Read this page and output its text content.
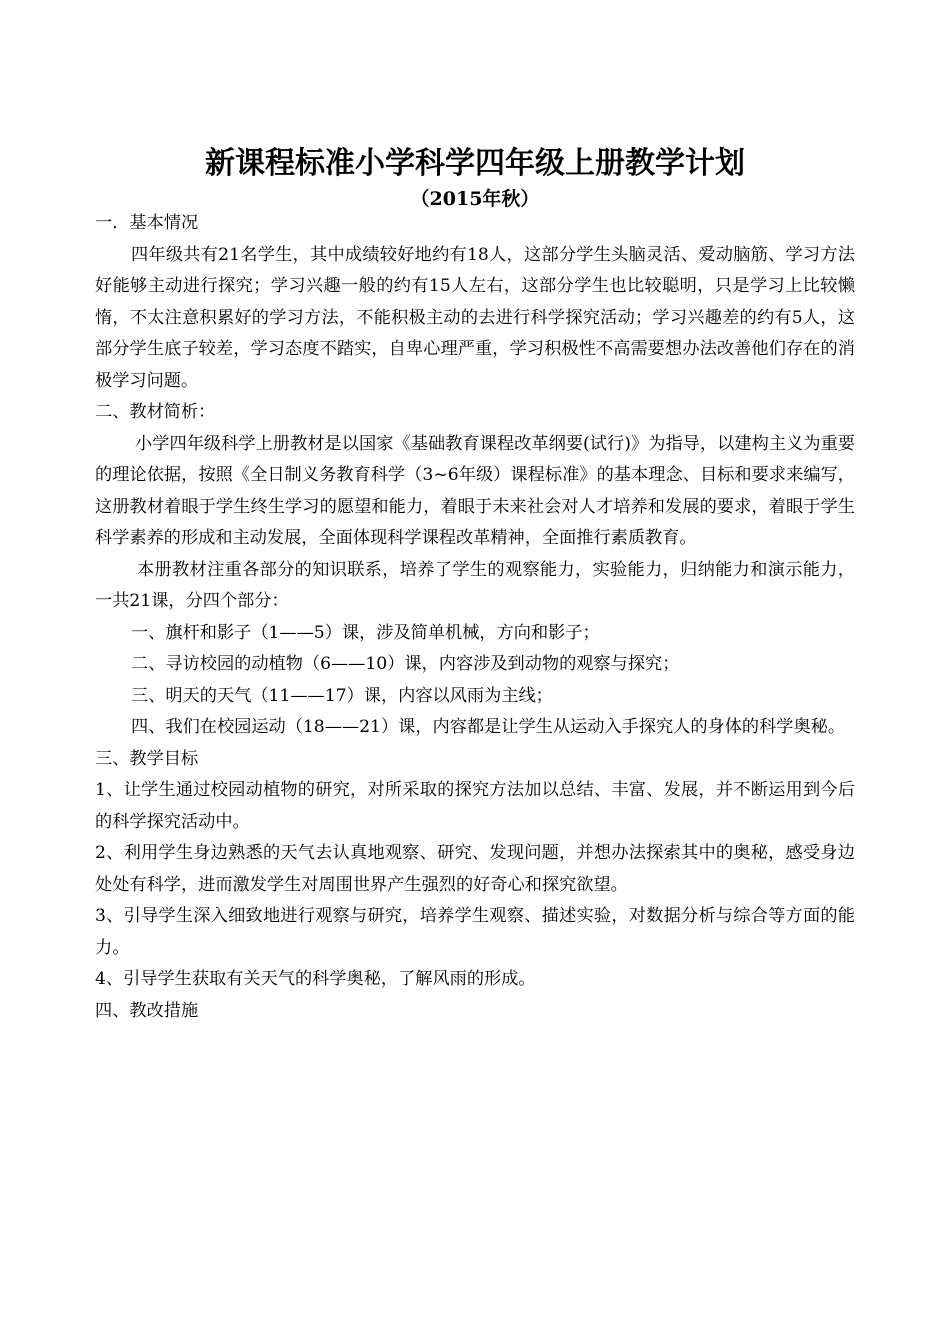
新课程标准小学科学四年级上册教学计划
（2015年秋）

一．基本情况

四年级共有21名学生，其中成绩较好地约有18人，这部分学生头脑灵活、爱动脑筋、学习方法好能够主动进行探究；学习兴趣一般的约有15人左右，这部分学生也比较聪明，只是学习上比较懒惰，不太注意积累好的学习方法，不能积极主动的去进行科学探究活动；学习兴趣差的约有5人，这部分学生底子较差，学习态度不踏实，自卑心理严重，学习积极性不高需要想办法改善他们存在的消极学习问题。

二、教材简析：

小学四年级科学上册教材是以国家《基础教育课程改革纲要(试行)》为指导，以建构主义为重要的理论依据，按照《全日制义务教育科学（3~6年级）课程标准》的基本理念、目标和要求来编写，这册教材着眼于学生终生学习的愿望和能力，着眼于未来社会对人才培养和发展的要求，着眼于学生科学素养的形成和主动发展，全面体现科学课程改革精神，全面推行素质教育。

本册教材注重各部分的知识联系，培养了学生的观察能力，实验能力，归纳能力和演示能力，一共21课，分四个部分：

一、旗杆和影子（1——5）课，涉及简单机械，方向和影子；

二、寻访校园的动植物（6——10）课，内容涉及到动物的观察与探究；

三、明天的天气（11——17）课，内容以风雨为主线；

四、我们在校园运动（18——21）课，内容都是让学生从运动入手探究人的身体的科学奥秘。

三、教学目标

1、让学生通过校园动植物的研究，对所采取的探究方法加以总结、丰富、发展，并不断运用到今后的科学探究活动中。

2、利用学生身边熟悉的天气去认真地观察、研究、发现问题，并想办法探索其中的奥秘，感受身边处处有科学，进而激发学生对周围世界产生强烈的好奇心和探究欲望。

3、引导学生深入细致地进行观察与研究，培养学生观察、描述实验，对数据分析与综合等方面的能力。

4、引导学生获取有关天气的科学奥秘，了解风雨的形成。

四、教改措施
